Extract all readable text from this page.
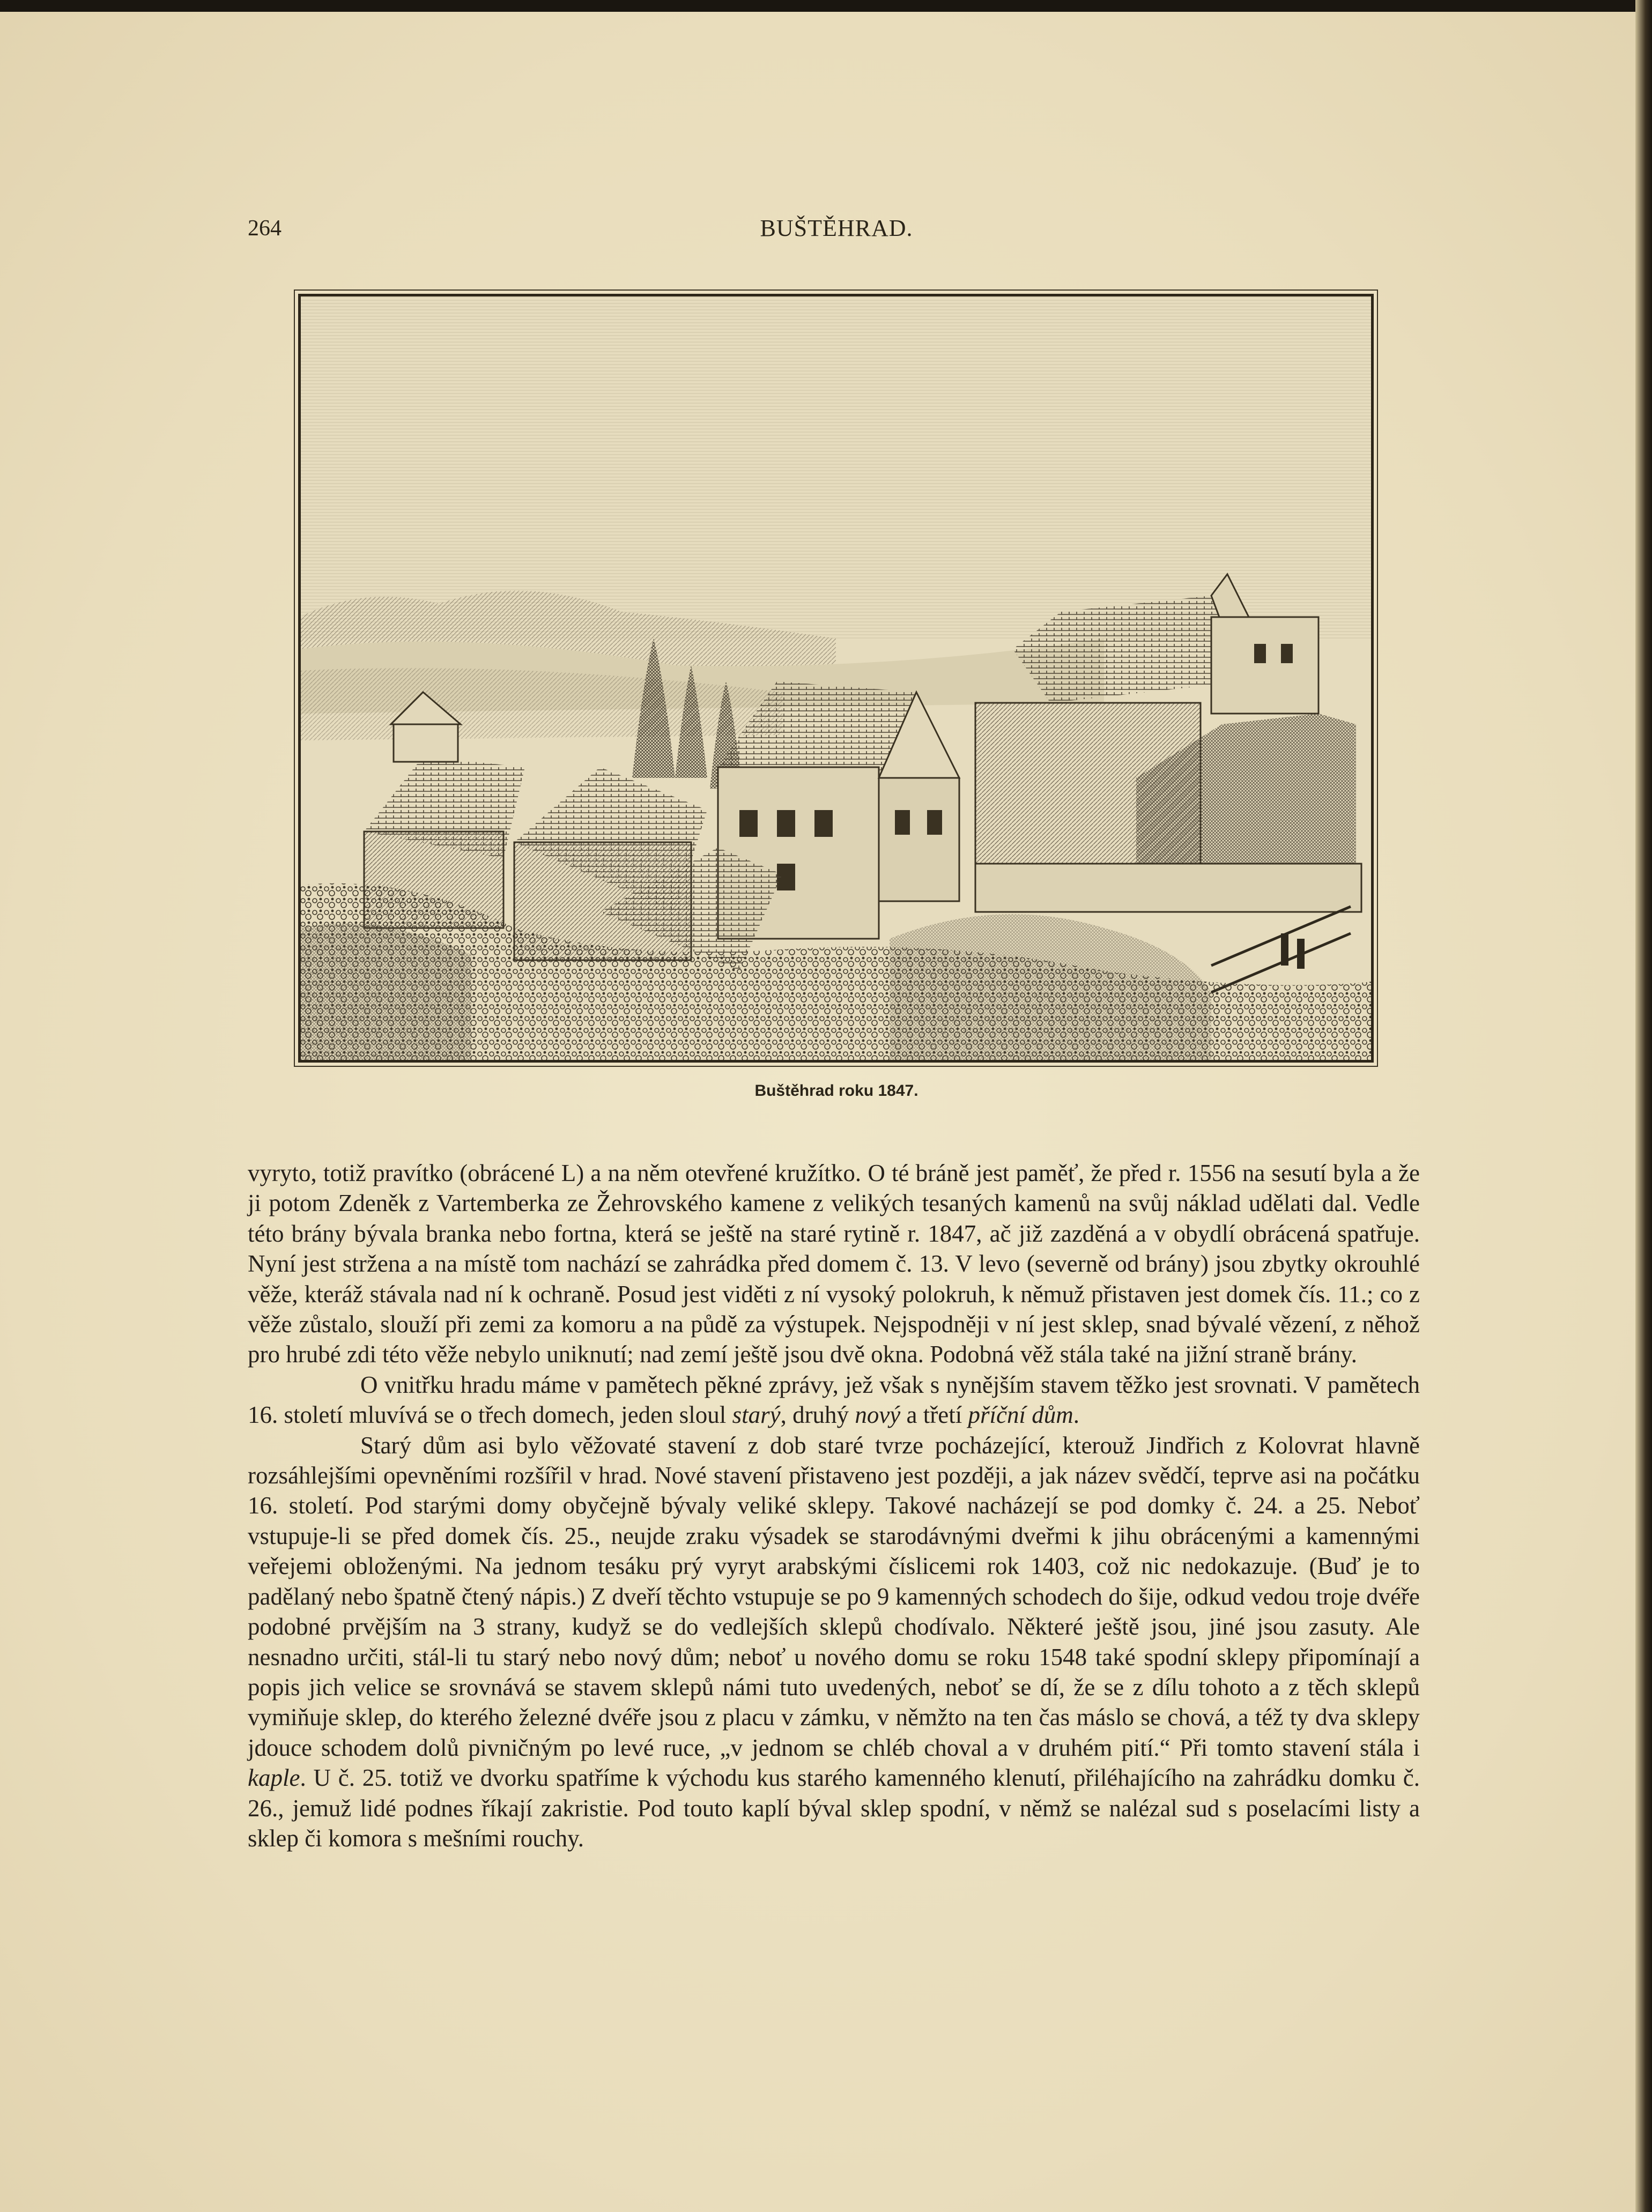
264	BUŠTĚHRAD.
Buštěhrad roku 1847.

vyryto, totiž pravítko (obrácené L) a na něm otevřené kružítko. O té bráně jest paměť, že před r. 1556 na sesutí byla a že ji potom Zdeněk z Vartemberka ze Žehrovského kamene z velikých tesaných kamenů na svůj náklad udělati dal. Vedle této brány bývala branka nebo fortna, která se ještě na staré rytině r. 1847, ač již zazděná a v obydlí obrácená spatřuje. Nyní jest stržena a na místě tom nachází se zahrádka před domem č. 13. V levo (severně od brány) jsou zbytky okrouhlé věže, kteráž stávala nad ní k ochraně. Posud jest viděti z ní vysoký polokruh, k němuž přistaven jest domek čís. 11.; co z věže zůstalo, slouží při zemi za komoru a na půdě za výstupek. Nejspodněji v ní jest sklep, snad bývalé vězení, z něhož pro hrubé zdi této věže nebylo uniknutí; nad zemí ještě jsou dvě okna. Podobná věž stála také na jižní straně brány.

O vnitřku hradu máme v pamětech pěkné zprávy, jež však s nynějším stavem těžko jest srovnati. V pamětech 16. století mluvívá se o třech domech, jeden sloul starý, druhý nový a třetí příční dům.

Starý dům asi bylo věžovaté stavení z dob staré tvrze pocházející, kterouž Jindřich z Kolovrat hlavně rozsáhlejšími opevněními rozšířil v hrad. Nové stavení přistaveno jest později, a jak název svědčí, teprve asi na počátku 16. století. Pod starými domy obyčejně bývaly veliké sklepy. Takové nacházejí se pod domky č. 24. a 25. Neboť vstupuje-li se před domek čís. 25., neujde zraku výsadek se starodávnými dveřmi k jihu obrácenými a kamennými veřejemi obloženými. Na jednom tesáku prý vyryt arabskými číslicemi rok 1403, což nic nedokazuje. (Buď je to padělaný nebo špatně čtený nápis.) Z dveří těchto vstupuje se po 9 kamenných schodech do šije, odkud vedou troje dvéře podobné prvějším na 3 strany, kudyž se do vedlejších sklepů chodívalo. Některé ještě jsou, jiné jsou zasuty. Ale nesnadno určiti, stál-li tu starý nebo nový dům; neboť u nového domu se roku 1548 také spodní sklepy připomínají a popis jich velice se srovnává se stavem sklepů námi tuto uvedených, neboť se dí, že se z dílu tohoto a z těch sklepů vymiňuje sklep, do kterého železné dvéře jsou z placu v zámku, v němžto na ten čas máslo se chová, a též ty dva sklepy jdouce schodem dolů pivničným po levé ruce, „v jednom se chléb choval a v druhém pití.“ Při tomto stavení stála i kaple. U č. 25. totiž ve dvorku spatříme k východu kus starého kamenného klenutí, přiléhajícího na zahrádku domku č. 26., jemuž lidé podnes říkají zakristie. Pod touto kaplí býval sklep spodní, v němž se nalézal sud s poselacími listy a sklep či komora s mešními rouchy.
